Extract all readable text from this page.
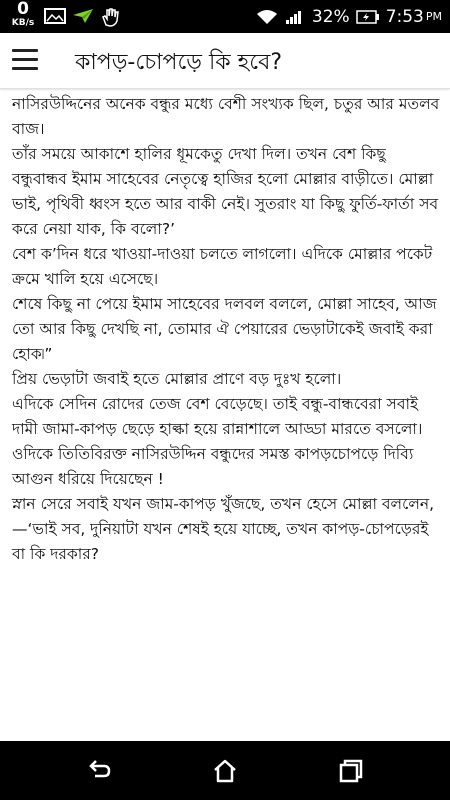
0
KB/s	32% 7:53 PM
কাপড়-চোপড়ে কি হবে?

নাসিরউদ্দিনের অনেক বন্ধুর মধ্যে বেশী সংখ্যক ছিল, চতুর আর মতলব বাজ।

তাঁর সময়ে আকাশে হালির ধূমকেতু দেখা দিল। তখন বেশ কিছু বন্ধুবান্ধব ইমাম সাহেবের নেতৃত্বে হাজির হলো মোল্লার বাড়ীতে। মোল্লা ভাই, পৃথিবী ধ্বংস হতে আর বাকী নেই। সুতরাং যা কিছু ফুর্তি-ফার্তা সব করে নেয়া যাক, কি বলো?’

বেশ ক’দিন ধরে খাওয়া-দাওয়া চলতে লাগলো। এদিকে মোল্লার পকেট ক্রমে খালি হয়ে এসেছে।

শেষে কিছু না পেয়ে ইমাম সাহেবের দলবল বললে, মোল্লা সাহেব, আজ তো আর কিছু দেখছি না, তোমার ঐ পেয়ারের ভেড়াটাকেই জবাই করা হোক৷”

প্রিয় ভেড়াটা জবাই হতে মোল্লার প্রাণে বড় দুঃখ হলো।

এদিকে সেদিন রোদের তেজ বেশ বেড়েছে। তাই বন্ধু-বান্ধবেরা সবাই দামী জামা-কাপড় ছেড়ে হাল্কা হয়ে রান্নাশালে আড্ডা মারতে বসলো।

ওদিকে তিতিবিরক্ত নাসিরউদ্দিন বন্ধুদের সমস্ত কাপড়চোপড়ে দিব্যি আগুন ধরিয়ে দিয়েছেন !

স্নান সেরে সবাই যখন জাম-কাপড় খুঁজছে, তখন হেসে মোল্লা বললেন,—‘ভাই সব, দুনিয়াটা যখন শেষই হয়ে যাচ্ছে, তখন কাপড়-চোপড়েরই বা কি দরকার?
